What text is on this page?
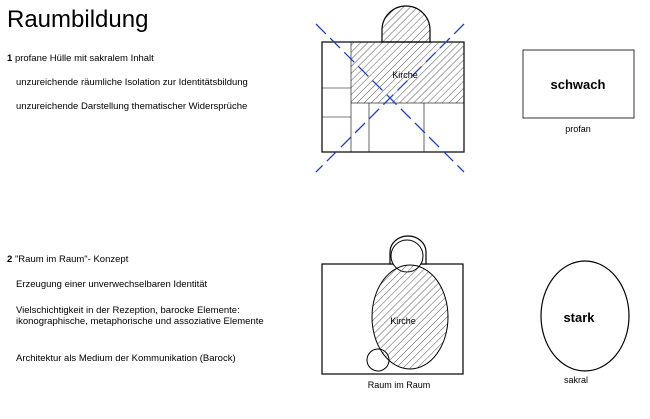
Raumbildung
1 profane Hülle mit sakralem Inhalt
unzureichende räumliche Isolation zur Identitätsbildung
unzureichende Darstellung thematischer Widersprüche
2 "Raum im Raum"- Konzept
Erzeugung einer unverwechselbaren Identität
Vielschichtigkeit in der Rezeption, barocke Elemente: ikonographische, metaphorische und assoziative Elemente
Architektur als Medium der Kommunikation (Barock)
Kirche
schwach
profan
Kirche
Raum im Raum
stark
sakral
